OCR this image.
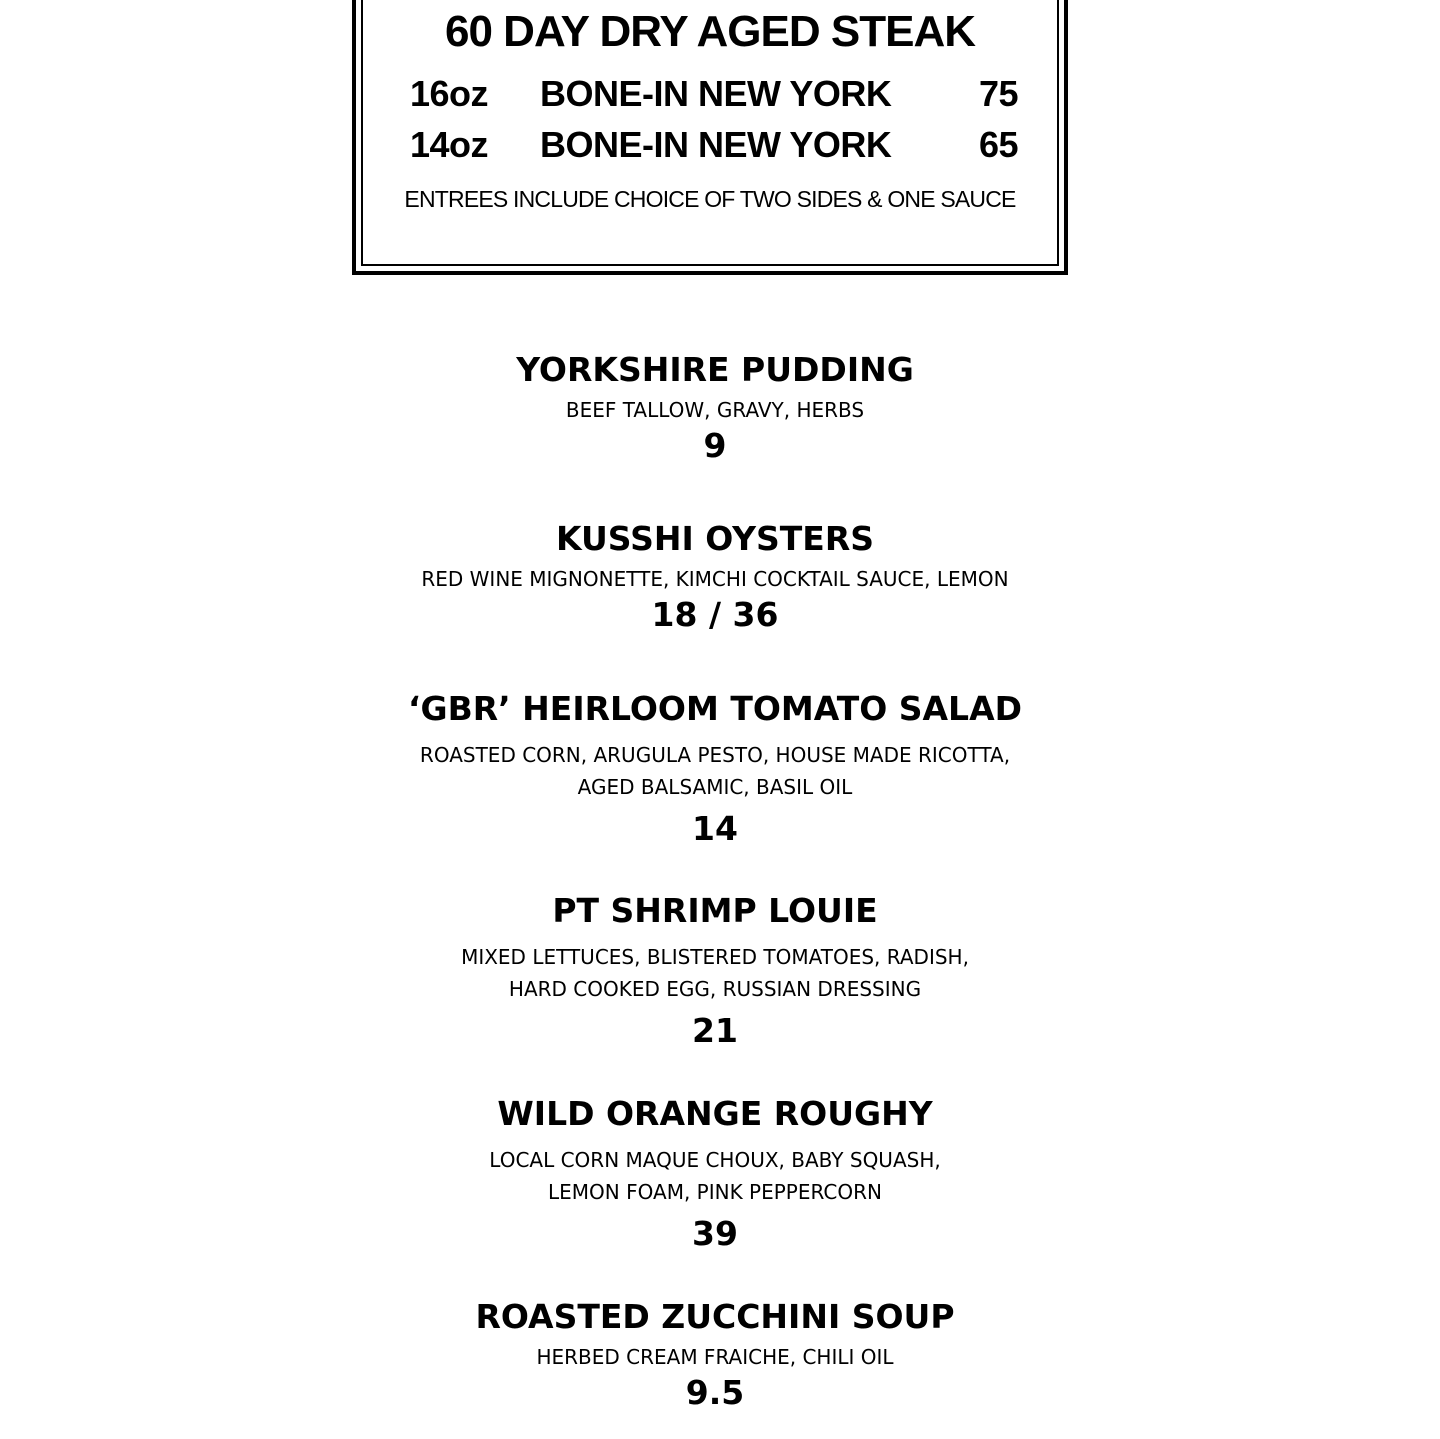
60 DAY DRY AGED STEAK
16oz BONE-IN NEW YORK 75
14oz BONE-IN NEW YORK 65
ENTREES INCLUDE CHOICE OF TWO SIDES & ONE SAUCE
YORKSHIRE PUDDING
BEEF TALLOW, GRAVY, HERBS
9
KUSSHI OYSTERS
RED WINE MIGNONETTE, KIMCHI COCKTAIL SAUCE, LEMON
18 / 36
‘GBR’ HEIRLOOM TOMATO SALAD
ROASTED CORN, ARUGULA PESTO, HOUSE MADE RICOTTA,
AGED BALSAMIC, BASIL OIL
14
PT SHRIMP LOUIE
MIXED LETTUCES, BLISTERED TOMATOES, RADISH,
HARD COOKED EGG, RUSSIAN DRESSING
21
WILD ORANGE ROUGHY
LOCAL CORN MAQUE CHOUX, BABY SQUASH,
LEMON FOAM, PINK PEPPERCORN
39
ROASTED ZUCCHINI SOUP
HERBED CREAM FRAICHE, CHILI OIL
9.5
